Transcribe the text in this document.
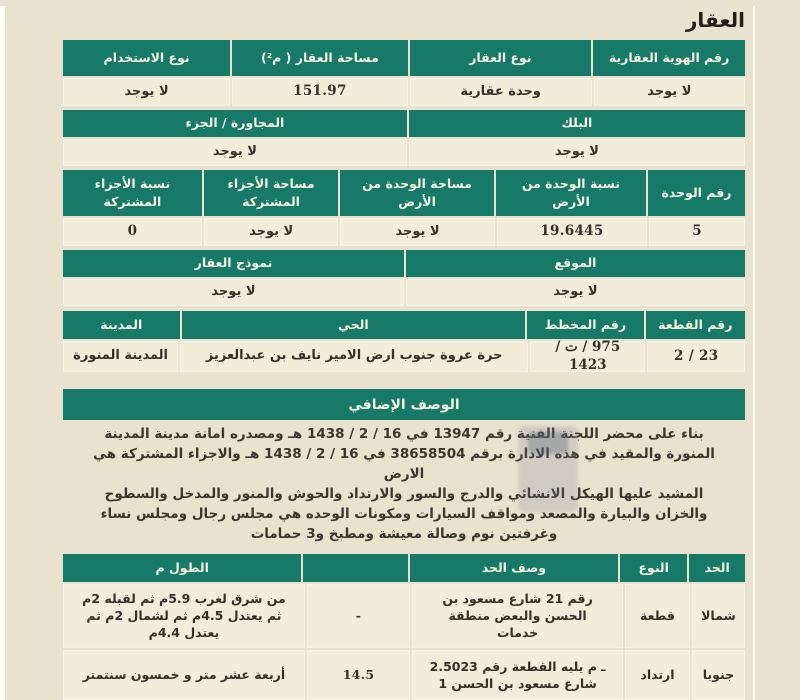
العقار
رقم الهوية العقارية
نوع العقار
مساحة العقار ( م²)
نوع الاستخدام
لا يوجد
وحدة عقارية
151.97
لا يوجد
البلك
المجاورة / الجزء
لا يوجد
لا يوجد
رقم الوحدة
نسبة الوحدة من الأرض
مساحة الوحدة من الأرض
مساحة الأجزاء المشتركة
نسبة الأجزاء المشتركة
5
19.6445
لا يوجد
لا يوجد
0
الموقع
نموذج العقار
لا يوجد
لا يوجد
رقم القطعة
رقم المخطط
الحي
المدينة
23 / 2
975 / ت / 1423
حرة عروة جنوب ارض الامير نايف بن عبدالعزيز
المدينة المنورة
الوصف الإضافي
بناء على محضر اللجنة الفنية رقم 13947 في 16 / 2 / 1438 هـ ومصدره امانة مدينة المدينة
المنورة والمقيد في هذه الادارة برقم 38658504 في 16 / 2 / 1438 هـ والاجزاء المشتركة هي الارض
المشيد عليها الهيكل الانشائي والدرج والسور والارتداد والحوش والمنور والمدخل والسطوح
والخزان والبيارة والمصعد ومواقف السيارات ومكونات الوحده هي مجلس رجال ومجلس نساء
وغرفتين نوم وصالة معيشة ومطبخ و3 حمامات
الحد
النوع
وصف الحد
الطول م
شمالا
قطعة
رقم 21 شارع مسعود بن
الحسن والبعض منطقة
خدمات
-
من شرق لغرب 5.9م ثم لقبله 2م
ثم يعتدل 4.5م ثم لشمال 2م ثم
يعتدل 4.4م
جنوبا
ارتداد
ـ م يليه القطعة رقم 2.5023
شارع مسعود بن الحسن 1
14.5
أربعة عشر متر و خمسون سنتمتر
